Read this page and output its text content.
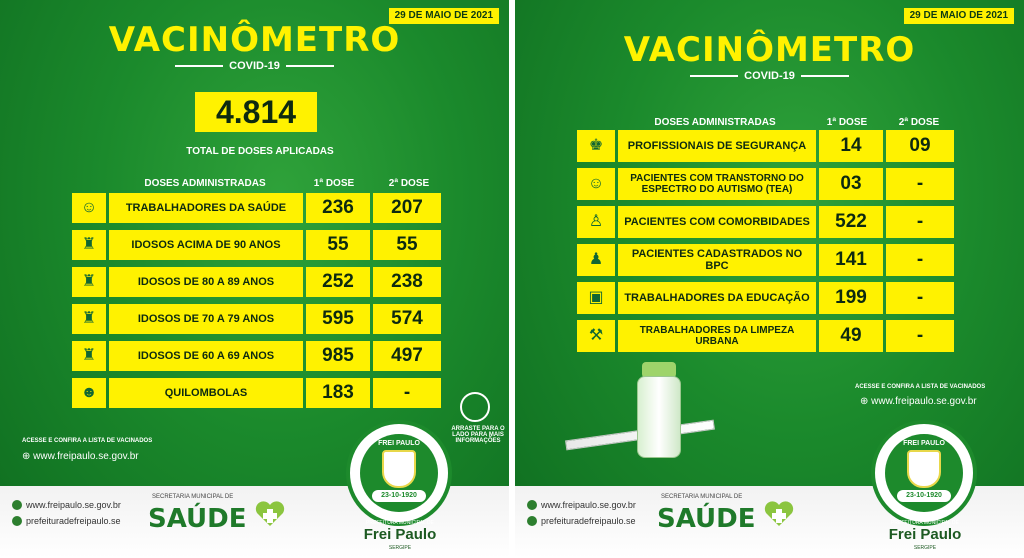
29 DE MAIO DE 2021
VACINÔMETRO
COVID-19
4.814
TOTAL DE DOSES APLICADAS
DOSES ADMINISTRADAS	1ª DOSE	2ª DOSE
☺	TRABALHADORES DA SAÚDE	236	207
♜	IDOSOS ACIMA DE 90 ANOS	55	55
♜	IDOSOS DE 80 A 89 ANOS	252	238
♜	IDOSOS DE 70 A 79 ANOS	595	574
♜	IDOSOS DE 60 A 69 ANOS	985	497
☻	QUILOMBOLAS	183	-
ARRASTE PARA O LADO PARA MAIS INFORMAÇÕES
ACESSE E CONFIRA A LISTA DE VACINADOS
⊕ www.freipaulo.se.gov.br
www.freipaulo.se.gov.br
prefeituradefreipaulo.se
SECRETARIA MUNICIPAL DE
SAÚDE
FREI PAULO
23-10-1920
PREFEITURA MUNICIPAL DE
Frei Paulo
SERGIPE
29 DE MAIO DE 2021
VACINÔMETRO
COVID-19
DOSES ADMINISTRADAS	1ª DOSE	2ª DOSE
♚	PROFISSIONAIS DE SEGURANÇA	14	09
☺	PACIENTES COM TRANSTORNO DO ESPECTRO DO AUTISMO (TEA)	03	-
♙	PACIENTES COM COMORBIDADES	522	-
♟	PACIENTES CADASTRADOS NO BPC	141	-
▣	TRABALHADORES DA EDUCAÇÃO	199	-
⚒	TRABALHADORES DA LIMPEZA URBANA	49	-
ACESSE E CONFIRA A LISTA DE VACINADOS
⊕ www.freipaulo.se.gov.br
www.freipaulo.se.gov.br
prefeituradefreipaulo.se
SECRETARIA MUNICIPAL DE
SAÚDE
FREI PAULO
23-10-1920
PREFEITURA MUNICIPAL DE
Frei Paulo
SERGIPE
